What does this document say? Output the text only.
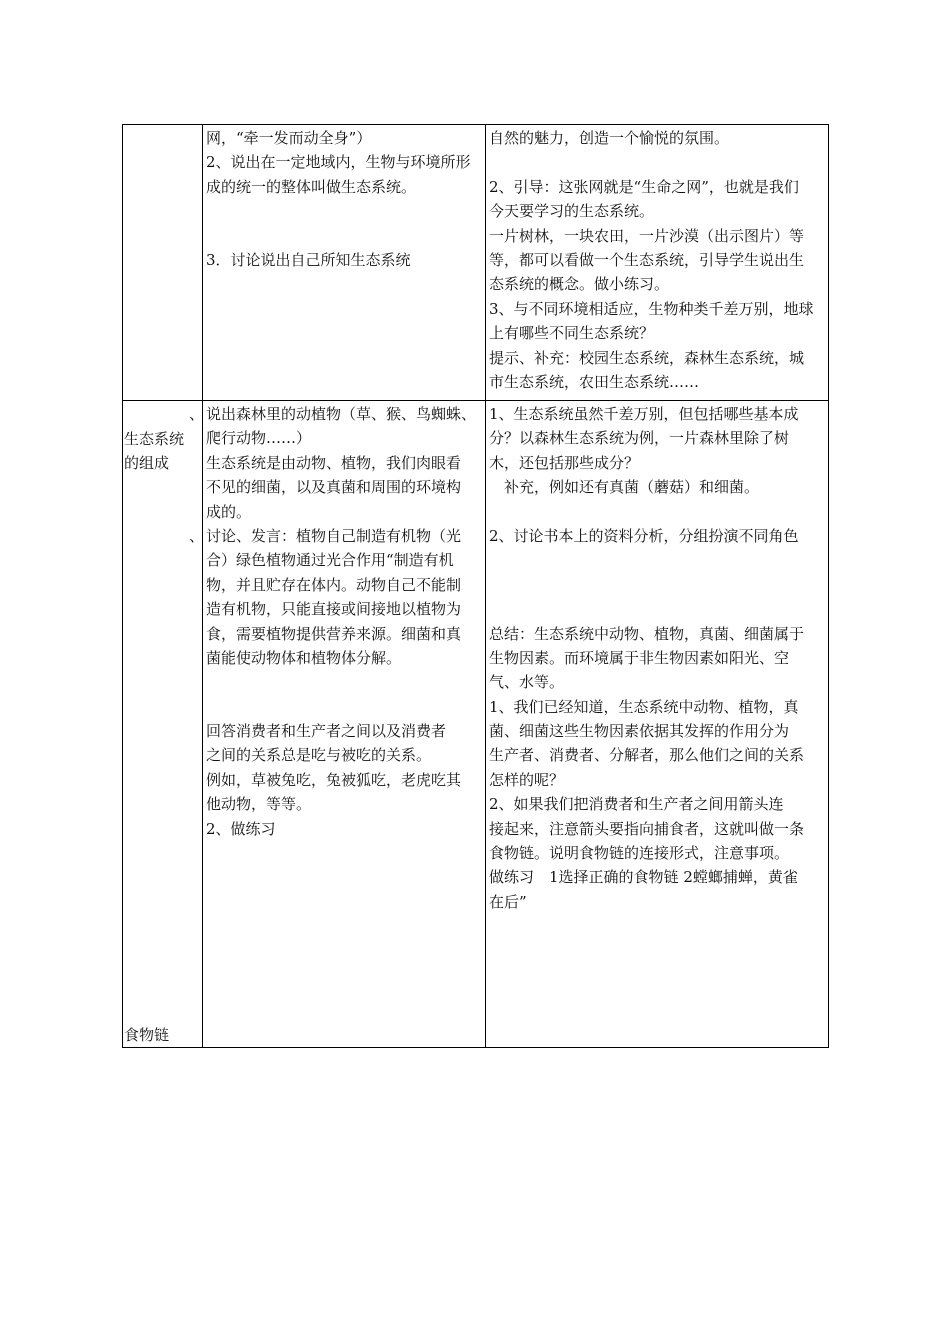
网，“牵一发而动全身”）
2、说出在一定地域内，生物与环境所形
成的统一的整体叫做生态系统。
3．讨论说出自己所知生态系统
自然的魅力，创造一个愉悦的氛围。
2、引导：这张网就是“生命之网”，也就是我们
今天要学习的生态系统。
一片树林，一块农田，一片沙漠（出示图片）等
等，都可以看做一个生态系统，引导学生说出生
态系统的概念。做小练习。
3、与不同环境相适应，生物种类千差万别，地球
上有哪些不同生态系统？
提示、补充：校园生态系统，森林生态系统，城
市生态系统，农田生态系统……
生态系统
的组成
、
、
食物链
说出森林里的动植物（草、猴、鸟蜘蛛、
爬行动物……）
生态系统是由动物、植物，我们肉眼看
不见的细菌，以及真菌和周围的环境构
成的。
讨论、发言：植物自己制造有机物（光
合）绿色植物通过光合作用“制造有机
物，并且贮存在体内。动物自己不能制
造有机物，只能直接或间接地以植物为
食，需要植物提供营养来源。细菌和真
菌能使动物体和植物体分解。
回答消费者和生产者之间以及消费者
之间的关系总是吃与被吃的关系。
例如，草被兔吃，兔被狐吃，老虎吃其
他动物，等等。
2、做练习
1、生态系统虽然千差万别，但包括哪些基本成
分？以森林生态系统为例，一片森林里除了树
木，还包括那些成分？
　补充，例如还有真菌（蘑菇）和细菌。
2、讨论书本上的资料分析，分组扮演不同角色
总结：生态系统中动物、植物，真菌、细菌属于
生物因素。而环境属于非生物因素如阳光、空
气、水等。
1、我们已经知道，生态系统中动物、植物，真
菌、细菌这些生物因素依据其发挥的作用分为
生产者、消费者、分解者，那么他们之间的关系
怎样的呢？
2、如果我们把消费者和生产者之间用箭头连
接起来，注意箭头要指向捕食者，这就叫做一条
食物链。说明食物链的连接形式，注意事项。
做练习　1选择正确的食物链 2螳螂捕蝉，黄雀
在后”
